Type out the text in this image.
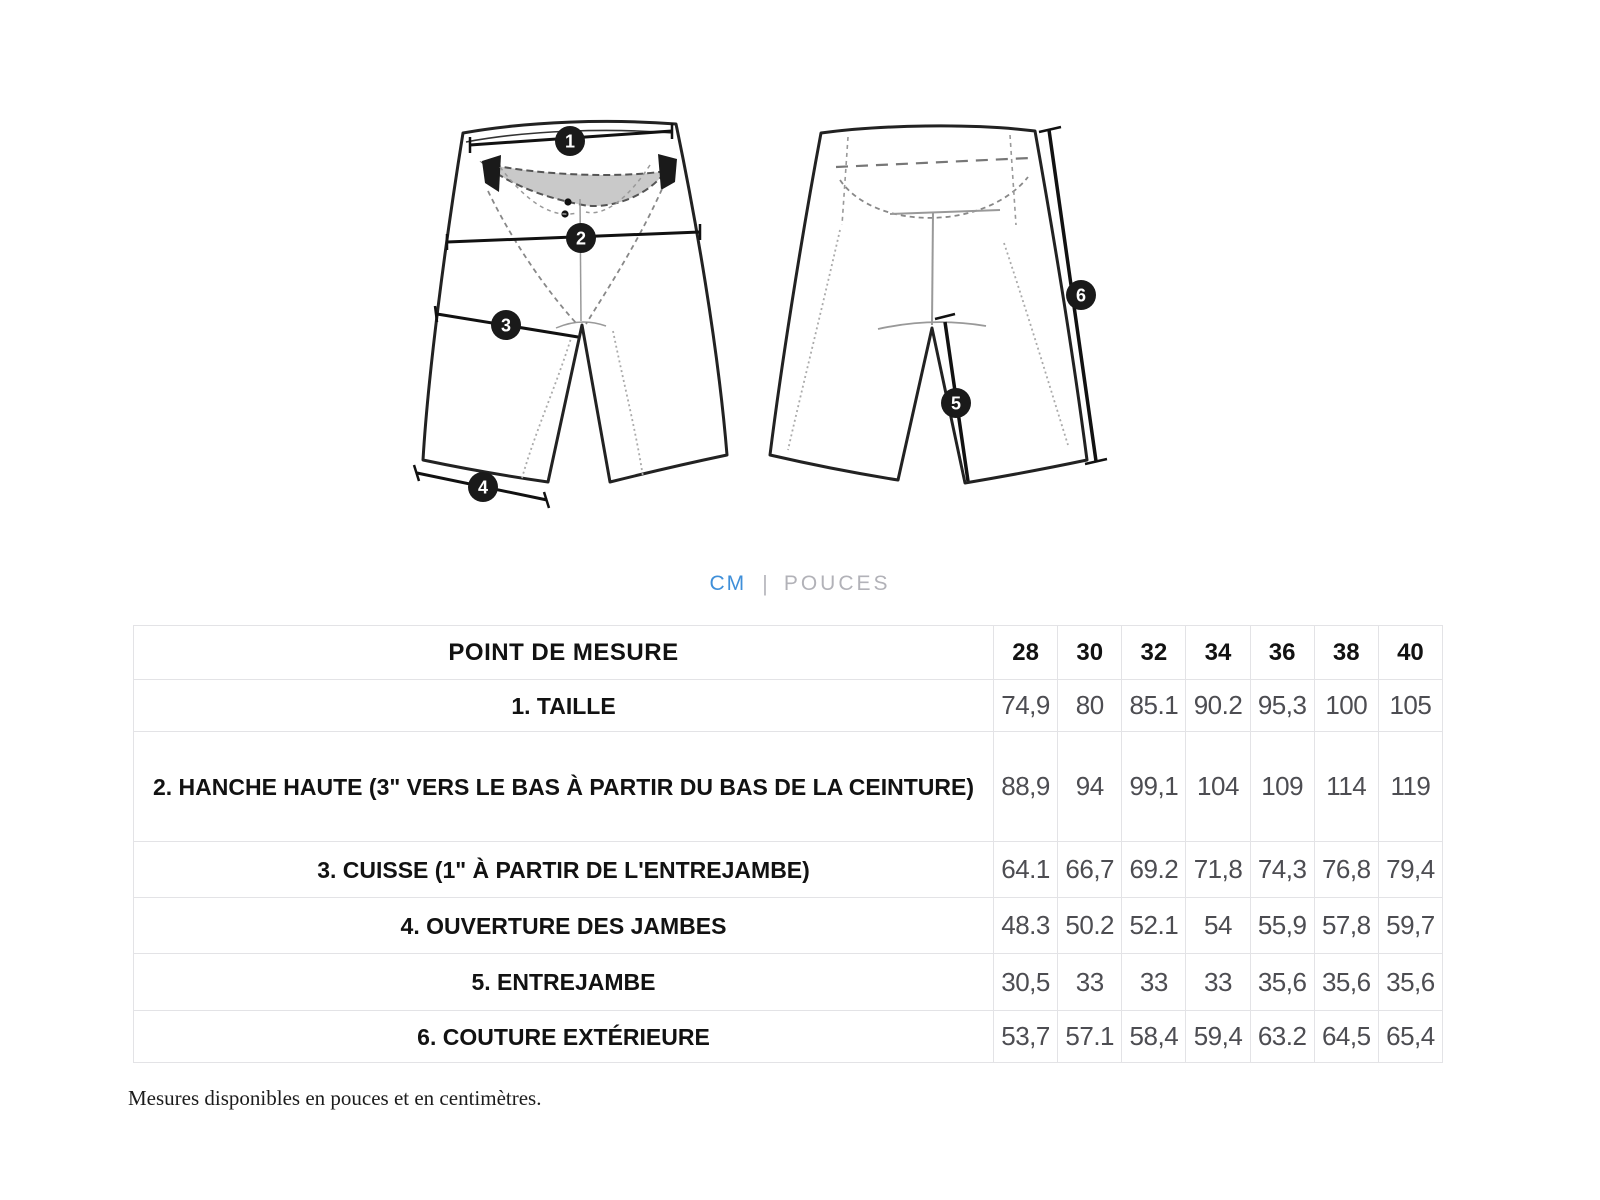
1
2
3
4
5
6
CM | POUCES
POINT DE MESURE	28	30	32	34	36	38	40
1. TAILLE	74,9	80	85.1	90.2	95,3	100	105
2. HANCHE HAUTE (3" VERS LE BAS À PARTIR DU BAS DE LA CEINTURE)	88,9	94	99,1	104	109	114	119
3. CUISSE (1" À PARTIR DE L'ENTREJAMBE)	64.1	66,7	69.2	71,8	74,3	76,8	79,4
4. OUVERTURE DES JAMBES	48.3	50.2	52.1	54	55,9	57,8	59,7
5. ENTREJAMBE	30,5	33	33	33	35,6	35,6	35,6
6. COUTURE EXTÉRIEURE	53,7	57.1	58,4	59,4	63.2	64,5	65,4
Mesures disponibles en pouces et en centimètres.
